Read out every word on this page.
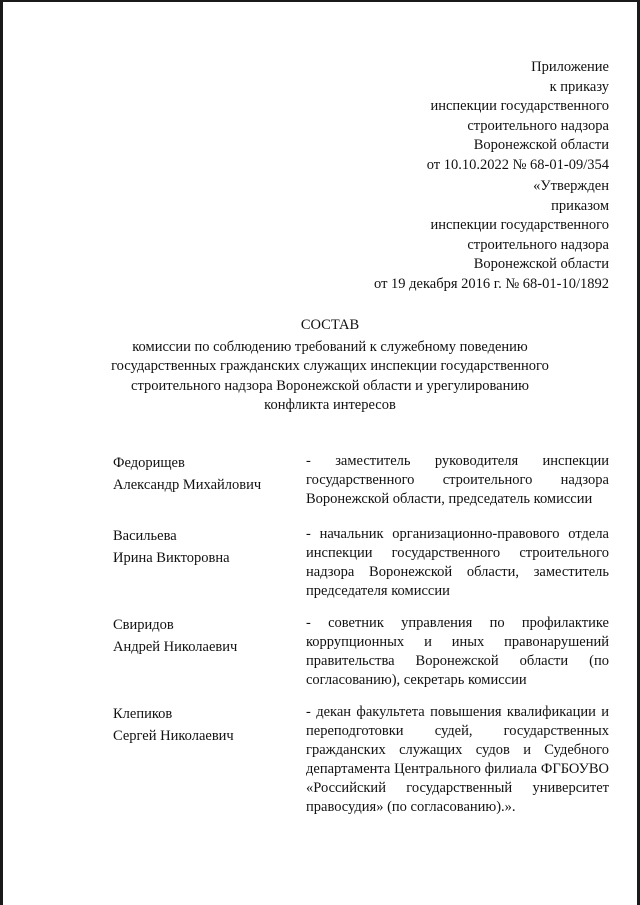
Приложение
к приказу
инспекции государственного
строительного надзора
Воронежской области
от 10.10.2022 № 68-01-09/354
«Утвержден
приказом
инспекции государственного
строительного надзора
Воронежской области
от 19 декабря 2016 г. № 68-01-10/1892
СОСТАВ
комиссии по соблюдению требований к служебному поведению
государственных гражданских служащих инспекции государственного
строительного надзора Воронежской области и урегулированию
конфликта интересов
Федорищев
Александр Михайлович
- заместитель руководителя инспекции государственного строительного надзора Воронежской области, председатель комиссии
Васильева
Ирина Викторовна
- начальник организационно-правового отдела инспекции государственного строительного надзора Воронежской области, заместитель председателя комиссии
Свиридов
Андрей Николаевич
- советник управления по профилактике коррупционных и иных правонарушений правительства Воронежской области (по согласованию), секретарь комиссии
Клепиков
Сергей Николаевич
- декан факультета повышения квалификации и переподготовки судей, государственных гражданских служащих судов и Судебного департамента Центрального филиала ФГБОУВО «Российский государственный университет правосудия» (по согласованию).».
